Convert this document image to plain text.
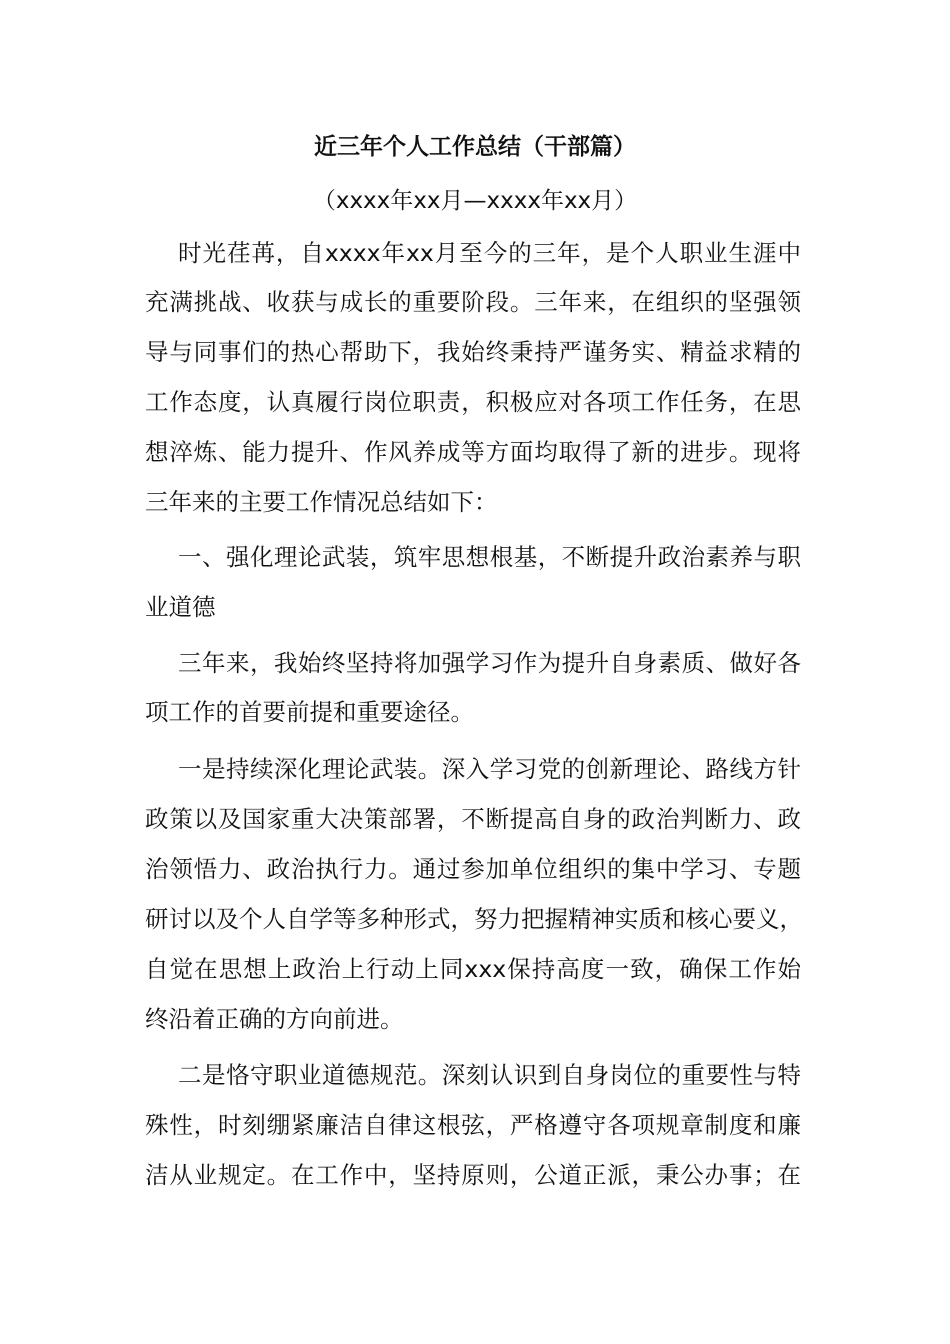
近三年个人工作总结（干部篇）
（xxxx年xx月—xxxx年xx月）
时光荏苒，自xxxx年xx月至今的三年，是个人职业生涯中
充满挑战、收获与成长的重要阶段。三年来，在组织的坚强领
导与同事们的热心帮助下，我始终秉持严谨务实、精益求精的
工作态度，认真履行岗位职责，积极应对各项工作任务，在思
想淬炼、能力提升、作风养成等方面均取得了新的进步。现将
三年来的主要工作情况总结如下：
一、强化理论武装，筑牢思想根基，不断提升政治素养与职
业道德
三年来，我始终坚持将加强学习作为提升自身素质、做好各
项工作的首要前提和重要途径。
一是持续深化理论武装。深入学习党的创新理论、路线方针
政策以及国家重大决策部署，不断提高自身的政治判断力、政
治领悟力、政治执行力。通过参加单位组织的集中学习、专题
研讨以及个人自学等多种形式，努力把握精神实质和核心要义，
自觉在思想上政治上行动上同xxx保持高度一致，确保工作始
终沿着正确的方向前进。
二是恪守职业道德规范。深刻认识到自身岗位的重要性与特
殊性，时刻绷紧廉洁自律这根弦，严格遵守各项规章制度和廉
洁从业规定。在工作中，坚持原则，公道正派，秉公办事；在
